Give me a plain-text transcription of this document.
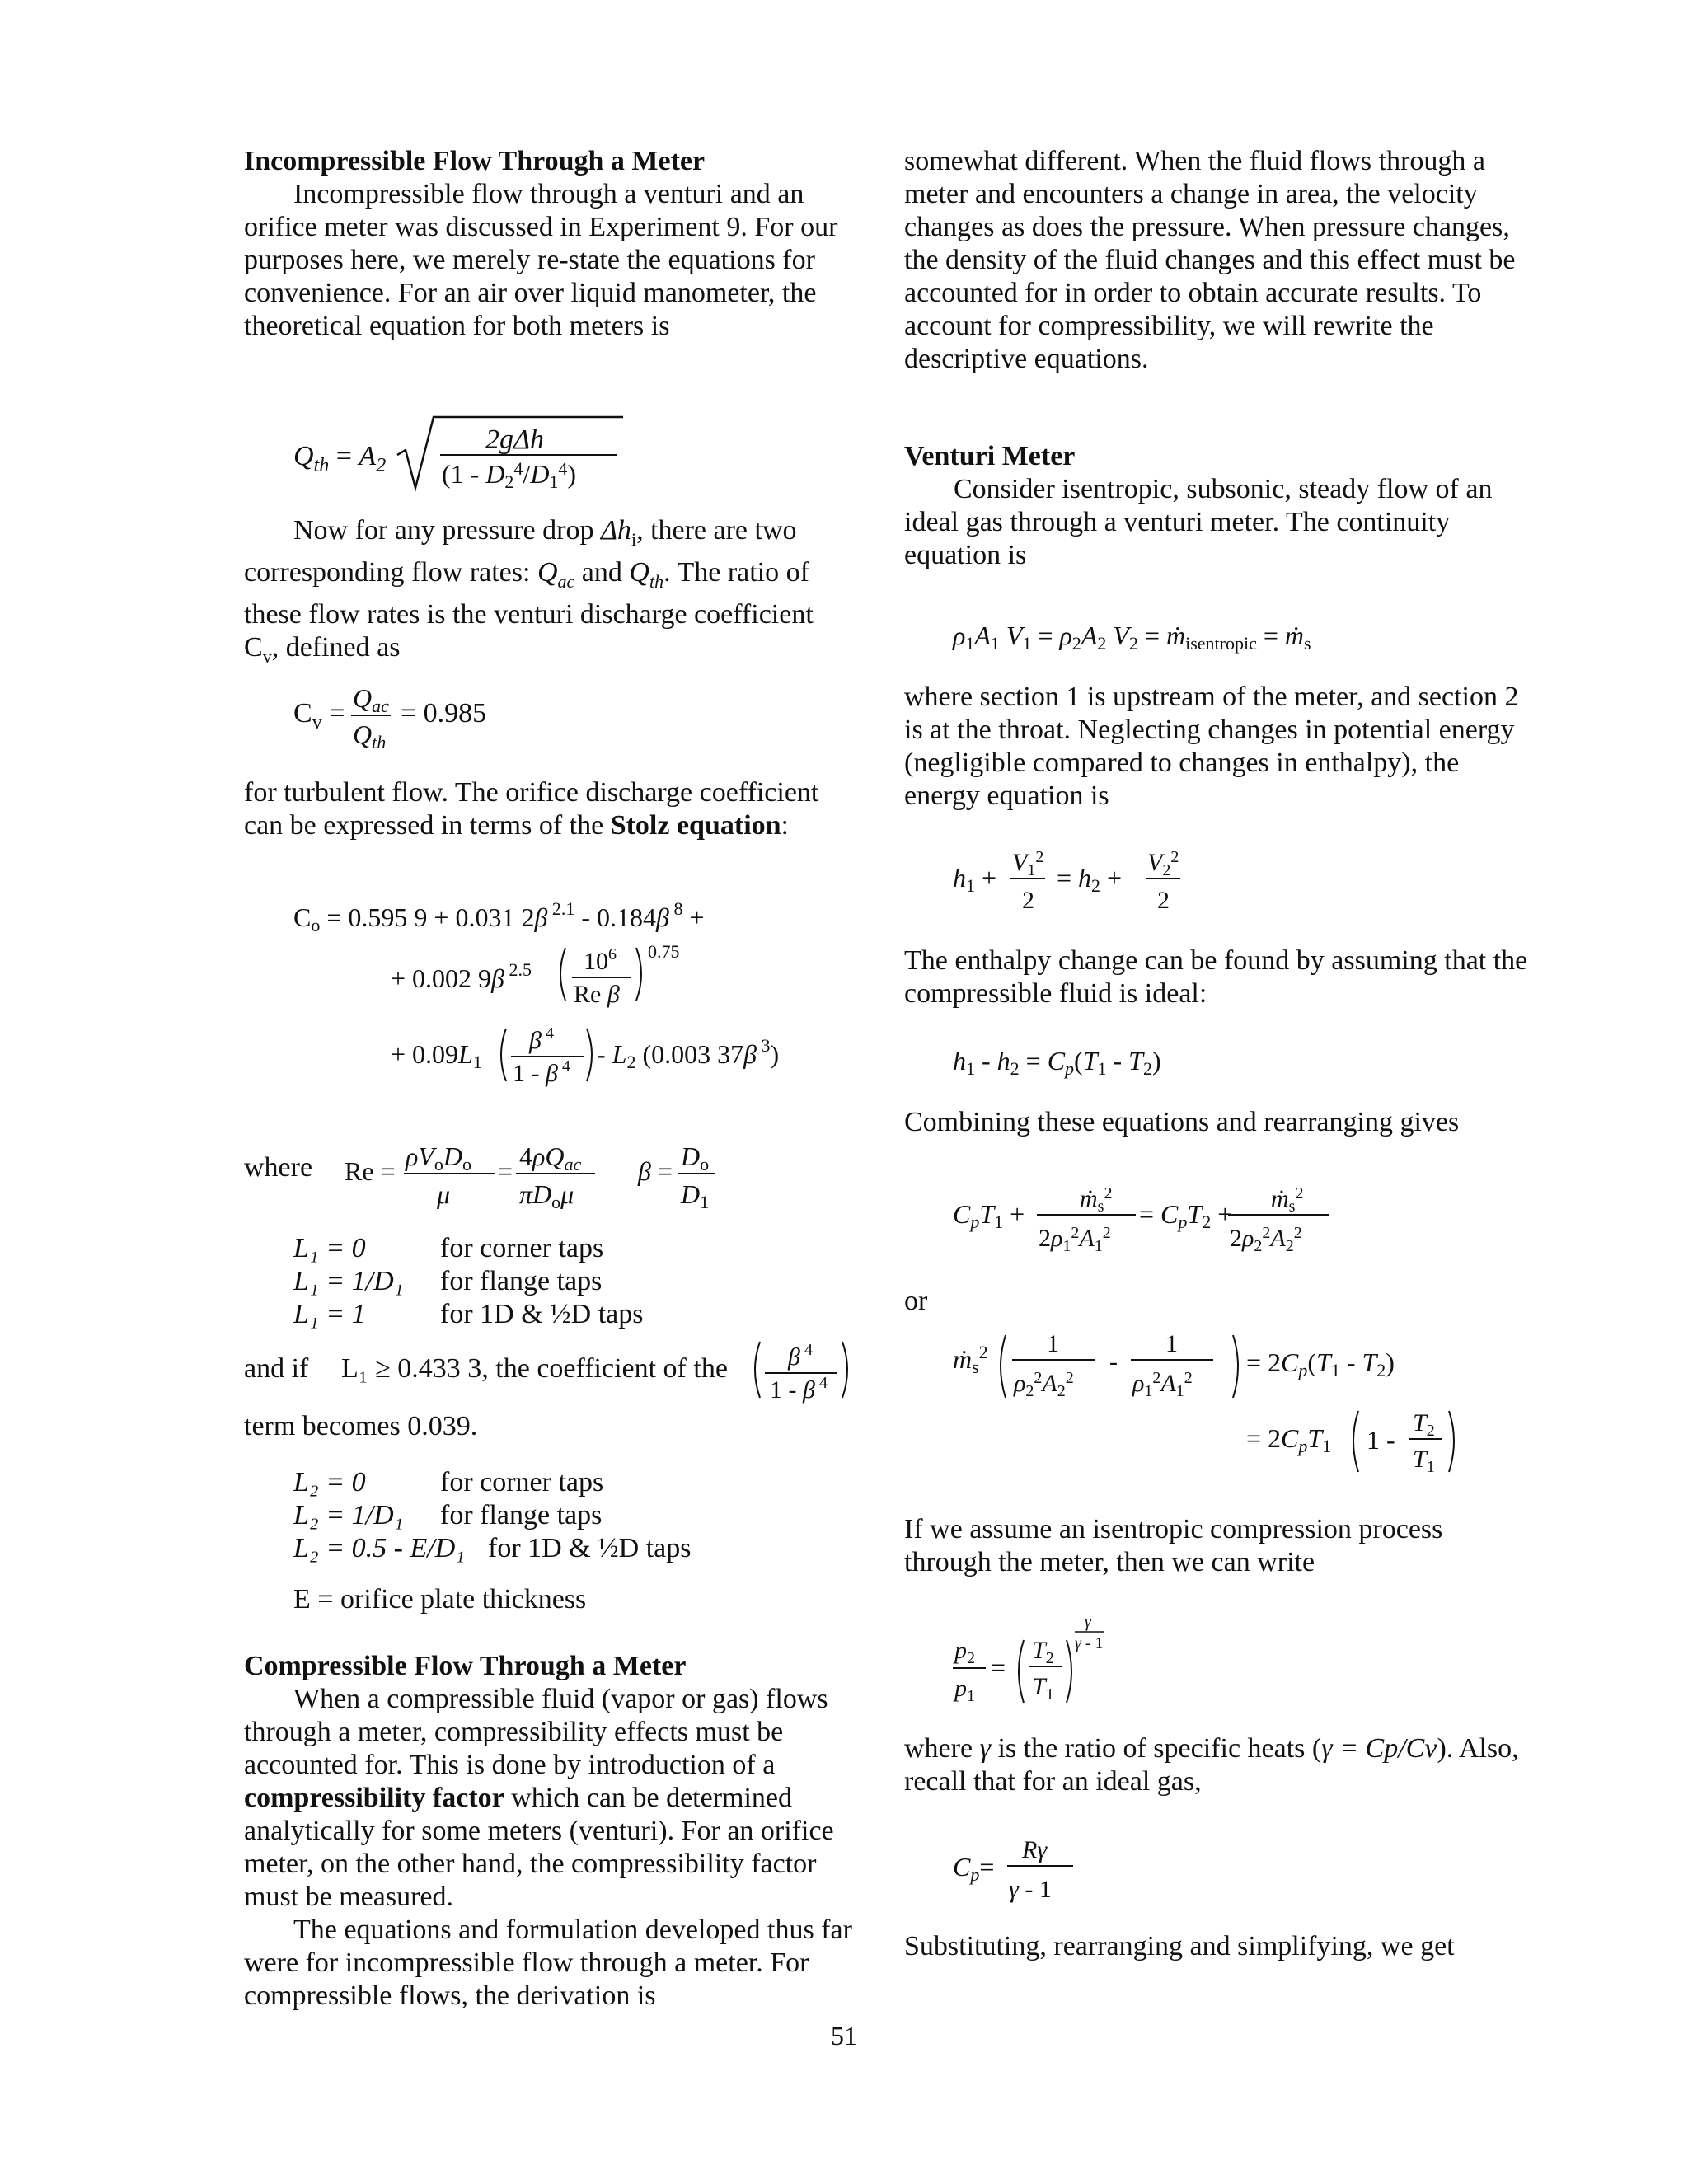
Incompressible Flow Through a Meter

Incompressible flow through a venturi and an orifice meter was discussed in Experiment 9. For our purposes here, we merely re-state the equations for convenience. For an air over liquid manometer, the theoretical equation for both meters is

$Q_{th} = A_2$
2gΔh
$(1 - D2^4/D1^4)$

Now for any pressure drop $\Delta h_i$, there are two corresponding flow rates: $Q_{ac}$ and $Q_{th}$. The ratio of these flow rates is the venturi discharge coefficient $C_v$, defined as

$C_v$ = Qac
Qth
= 0.985

for turbulent flow. The orifice discharge coefficient can be expressed in terms of the Stolz equation:

Co = 0.595 9 + 0.031 2β $^{2.1}$ - 0.184β $^8$ +
+ 0.002 9β $^{2.5}$ $10^6$
Re β
0.75
+ 0.09L1
β $^4$
1 - β $^4$ - L2 (0.003 37β $^3$)
where Re = ρVoDo
μ
= 4ρQac
πDoμ
β = Do
D1
L₁ = 0	for corner taps
L₁ = 1/D₁ for flange taps
L₁ = 1	for 1D & ½D taps
and if L₁ ≥ 0.433 3, the coefficient of the β $^4$
1 - β $^4$
term becomes 0.039.
L₂ = 0	for corner taps
L₂ = 1/D₁ for flange taps
L₂ = 0.5 - E/D₁ for 1D & ½D taps
E = orifice plate thickness

Compressible Flow Through a Meter

When a compressible fluid (vapor or gas) flows through a meter, compressibility effects must be accounted for. This is done by introduction of a compressibility factor which can be determined analytically for some meters (venturi). For an orifice meter, on the other hand, the compressibility factor must be measured.

The equations and formulation developed thus far were for incompressible flow through a meter. For compressible flows, the derivation is

somewhat different. When the fluid flows through a meter and encounters a change in area, the velocity changes as does the pressure. When pressure changes, the density of the fluid changes and this effect must be accounted for in order to obtain accurate results. To account for compressibility, we will rewrite the descriptive equations.

Venturi Meter

Consider isentropic, subsonic, steady flow of an ideal gas through a venturi meter. The continuity equation is

ρ1A1 V1 = ρ2A2 V2 = ṁisentropic = ṁs

where section 1 is upstream of the meter, and section 2 is at the throat. Neglecting changes in potential energy (negligible compared to changes in enthalpy), the energy equation is

h1 +
$V_1^2$
2
= h2 +
$V_2^2$
2

The enthalpy change can be found by assuming that the compressible fluid is ideal:

h1 - h2 = Cp(T1 - T2)

Combining these equations and rearranging gives

CpT1 +
ṁ$_s^2$
$2\rho_1^2A_1^2$
= CpT2 +
ṁ$_s^2$
$2\rho_2^2A_2^2$
or
ṁs$^2$ 1
$\rho_2^2A_2^2$
-
1
$\rho_1^2A_1^2$
= 2Cp(T1 - T2)
= 2CpT1 1 -
$T_2$
$T_1$

If we assume an isentropic compression process through the meter, then we can write

$p_2$
$p_1$
=
$T_2$
$T_1$
γ
γ - 1

where γ is the ratio of specific heats (γ = Cp/Cv). Also, recall that for an ideal gas,

Cp=
Rγ
γ - 1

Substituting, rearranging and simplifying, we get

51
